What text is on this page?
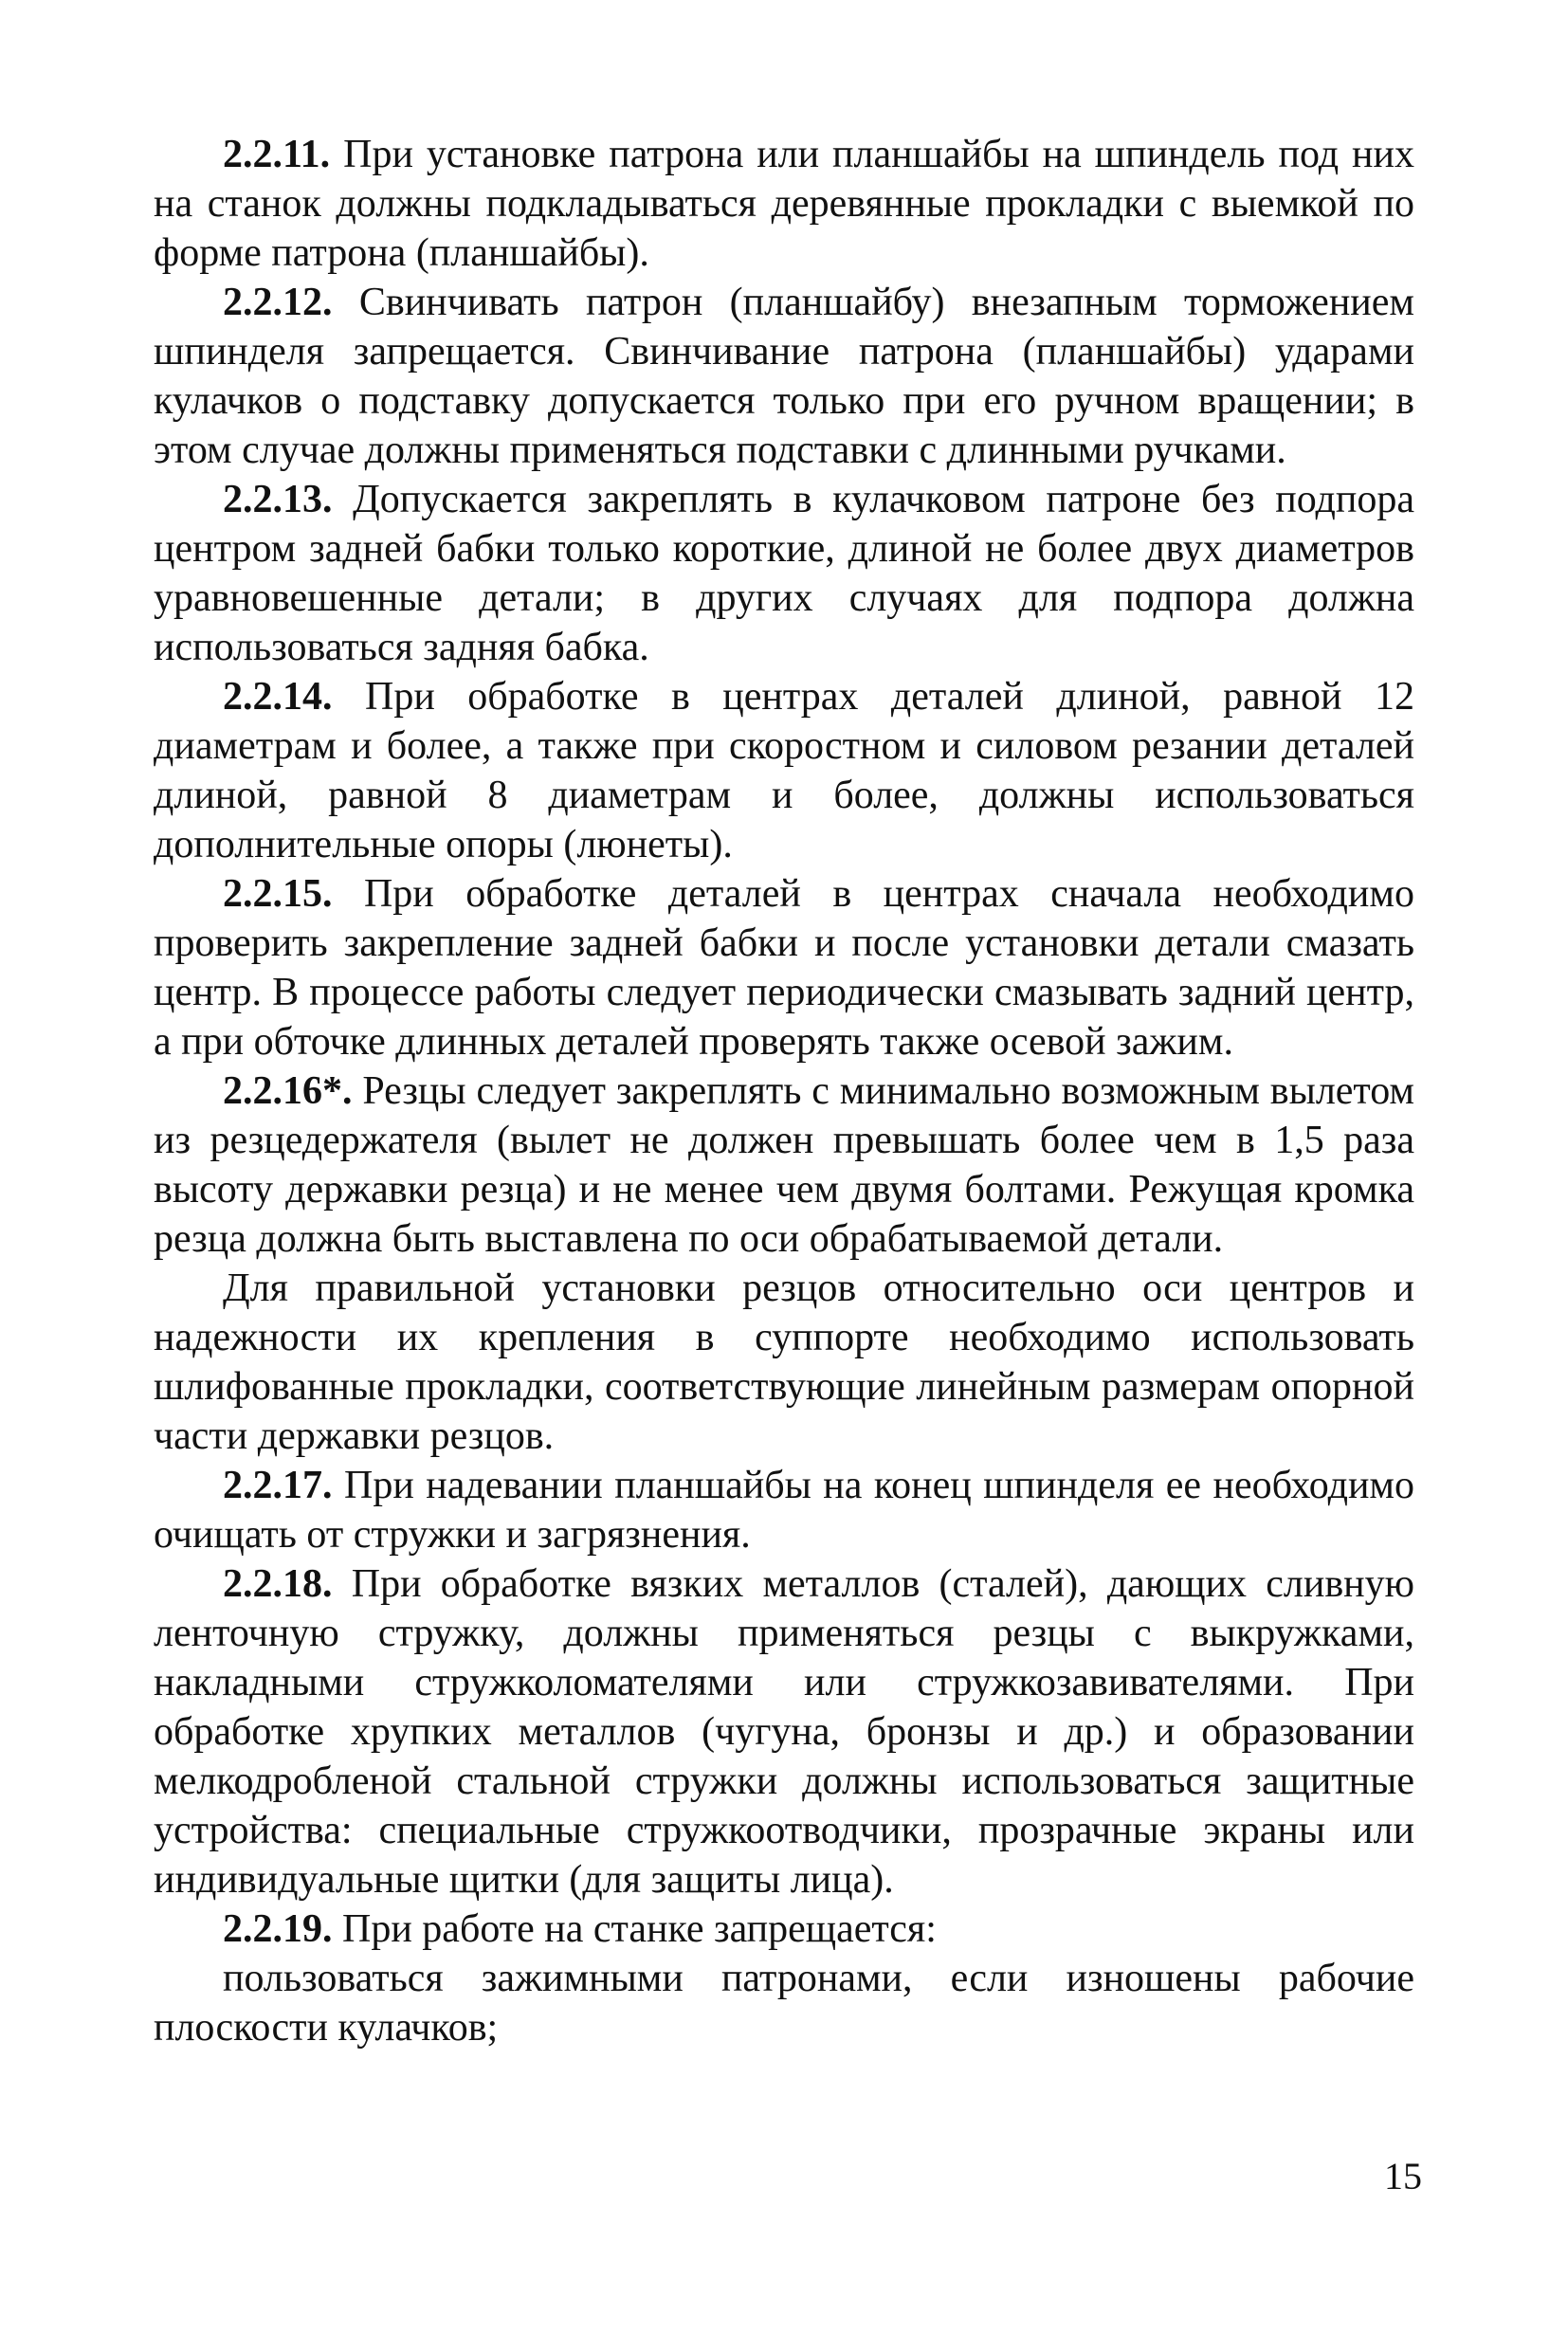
2.2.11. При установке патрона или планшайбы на шпиндель под них на станок должны подкладываться деревянные прокладки с выемкой по форме патрона (планшайбы).

2.2.12. Свинчивать патрон (планшайбу) внезапным торможением шпинделя запрещается. Свинчивание патрона (планшайбы) ударами кулачков о подставку допускается только при его ручном вращении; в этом случае должны применяться подставки с длинными ручками.

2.2.13. Допускается закреплять в кулачковом патроне без подпора центром задней бабки только короткие, длиной не более двух диаметров уравновешенные детали; в других случаях для подпора должна использоваться задняя бабка.

2.2.14. При обработке в центрах деталей длиной, равной 12 диаметрам и более, а также при скоростном и силовом резании деталей длиной, равной 8 диаметрам и более, должны использоваться дополнительные опоры (люнеты).

2.2.15. При обработке деталей в центрах сначала необходимо проверить закрепление задней бабки и после установки детали смазать центр. В процессе работы следует периодически смазывать задний центр, а при обточке длинных деталей проверять также осевой зажим.

2.2.16*. Резцы следует закреплять с минимально возможным вылетом из резцедержателя (вылет не должен превышать более чем в 1,5 раза высоту державки резца) и не менее чем двумя болтами. Режущая кромка резца должна быть выставлена по оси обрабатываемой детали.

Для правильной установки резцов относительно оси центров и надежности их крепления в суппорте необходимо использовать шлифованные прокладки, соответствующие линейным размерам опорной части державки резцов.

2.2.17. При надевании планшайбы на конец шпинделя ее необходимо очищать от стружки и загрязнения.

2.2.18. При обработке вязких металлов (сталей), дающих сливную ленточную стружку, должны применяться резцы с выкружками, накладными стружколомателями или стружкозавивателями. При обработке хрупких металлов (чугуна, бронзы и др.) и образовании мелкодробленой стальной стружки должны использоваться защитные устройства: специальные стружкоотводчики, прозрачные экраны или индивидуальные щитки (для защиты лица).

2.2.19. При работе на станке запрещается:

пользоваться зажимными патронами, если изношены рабочие плоскости кулачков;

15
